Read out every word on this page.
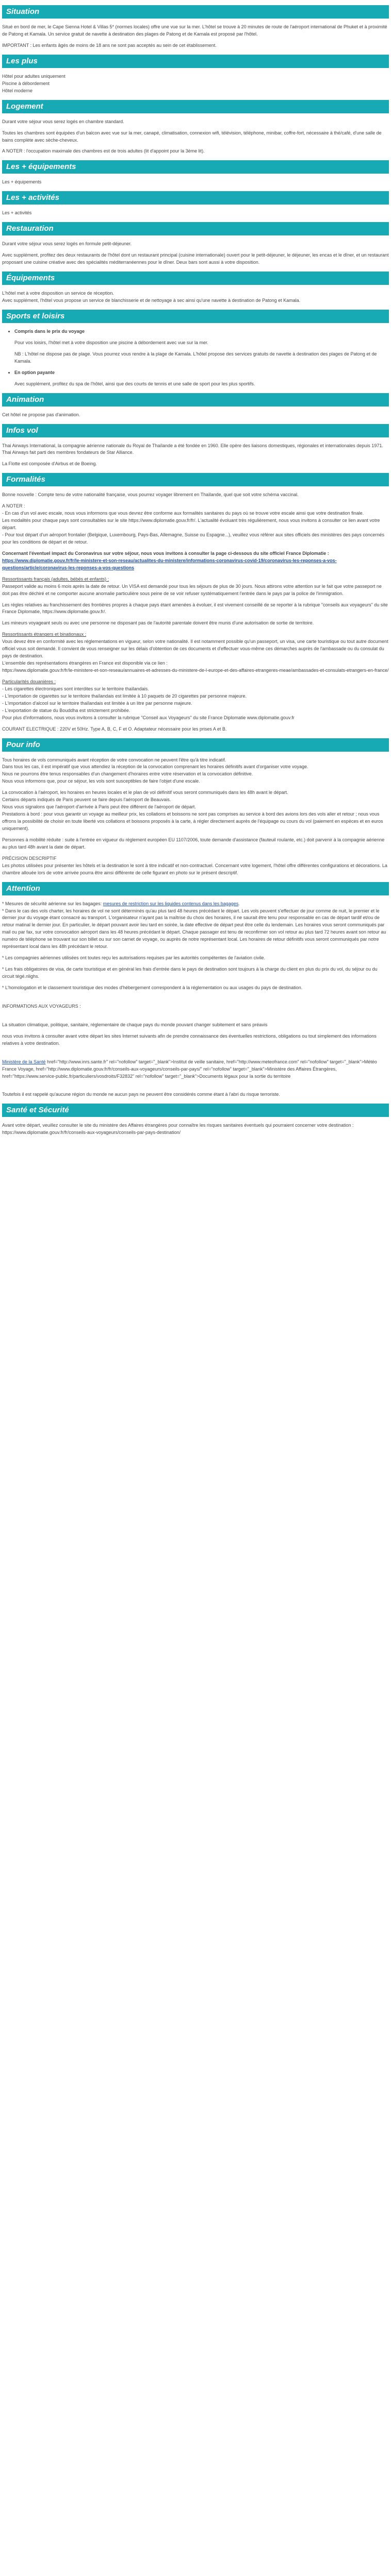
Situation

Situé en bord de mer, le Cape Sienna Hotel & Villas 5* (normes locales) offre une vue sur la mer. L'hôtel se trouve à 20 minutes de route de l'aéroport international de Phuket et à proximité de Patong et Kamala. Un service gratuit de navette à destination des plages de Patong et de Kamala est proposé par l'hôtel.

IMPORTANT : Les enfants âgés de moins de 18 ans ne sont pas acceptés au sein de cet établissement.

Les plus
Hôtel pour adultes uniquement
Piscine à débordement
Hôtel moderne
Logement

Durant votre séjour vous serez logés en chambre standard.

Toutes les chambres sont équipées d'un balcon avec vue sur la mer, canapé, climatisation, connexion wifi, télévision, téléphone, minibar, coffre-fort, nécessaire à thé/café, d'une salle de bains complète avec sèche-cheveux.

A NOTER : l'occupation maximale des chambres est de trois adultes (lit d'appoint pour la 3ème lit).

Les + équipements

Les + équipements

Les + activités

Les + activités

Restauration

Durant votre séjour vous serez logés en formule petit-déjeuner.

Avec supplément, profitez des deux restaurants de l'hôtel dont un restaurant principal (cuisine internationale) ouvert pour le petit-déjeuner, le déjeuner, les encas et le dîner, et un restaurant proposant une cuisine créative avec des spécialités méditerranéennes pour le dîner. Deux bars sont aussi à votre disposition.

Équipements
L'hôtel met à votre disposition un service de réception.

Avec supplément, l'hôtel vous propose un service de blanchisserie et de nettoyage à sec ainsi qu'une navette à destination de Patong et Kamala.

Sports et loisirs
• Compris dans le prix du voyage

Pour vos loisirs, l'hôtel met à votre disposition une piscine à débordement avec vue sur la mer.

NB : L'hôtel ne dispose pas de plage. Vous pourrez vous rendre à la plage de Kamala. L'hôtel propose des services gratuits de navette à destination des plages de Patong et de Kamala.

• En option payante

Avec supplément, profitez du spa de l'hôtel, ainsi que des courts de tennis et une salle de sport pour les plus sportifs.

Animation

Cet hôtel ne propose pas d'animation.

Infos vol

Thai Airways International, la compagnie aérienne nationale du Royal de Thaïlande a été fondée en 1960. Elle opère des liaisons domestiques, régionales et internationales depuis 1971. Thai Airways fait parti des membres fondateurs de Star Alliance.

La Flotte est composée d'Airbus et de Boeing.

Formalités

Bonne nouvelle : Compte tenu de votre nationalité française, vous pourrez voyager librement en Thaïlande, quel que soit votre schéma vaccinal.

A NOTER :
- En cas d'un vol avec escale, nous vous informons que vous devrez être conforme aux formalités sanitaires du pays où se trouve votre escale ainsi que votre destination finale.
Les modalités pour chaque pays sont consultables sur le site https://www.diplomatie.gouv.fr/fr/. L'actualité évoluant très régulièrement, nous vous invitons à consulter ce lien avant votre départ.

- Pour tout départ d'un aéroport frontalier (Belgique, Luxembourg, Pays-Bas, Allemagne, Suisse ou Espagne...), veuillez vous référer aux sites officiels des ministères des pays concernés pour les conditions de départ et de retour.

Concernant l'éventuel impact du Coronavirus sur votre séjour, nous vous invitons à consulter la page ci-dessous du site officiel France Diplomatie : https://www.diplomatie.gouv.fr/fr/le-ministere-et-son-reseau/actualites-du-ministere/informations-coronavirus-covid-19/coronavirus-les-reponses-a-vos-questions/article/coronavirus-les-reponses-a-vos-questions

Ressortissants français (adultes, bébés et enfants) :

Passeport valide au moins 6 mois après la date de retour. Un VISA est demandé pour tous les séjours de plus de 30 jours. Nous attirons votre attention sur le fait que votre passeport ne doit pas être déchiré et ne comporter aucune anomalie particulière sous peine de se voir refuser systématiquement l'entrée dans le pays par la police de l'immigration.

Les règles relatives au franchissement des frontières propres à chaque pays étant amenées à évoluer, il est vivement conseillé de se reporter à la rubrique "conseils aux voyageurs" du site France Diplomatie, https://www.diplomatie.gouv.fr/.

Les mineurs voyageant seuls ou avec une personne ne disposant pas de l'autorité parentale doivent être munis d'une autorisation de sortie de territoire.

Ressortissants étrangers et binationaux :
Vous devez être en conformité avec les réglementations en vigueur, selon votre nationalité. Il est notamment possible qu'un passeport, un visa, une carte touristique ou tout autre document officiel vous soit demandé. Il convient de vous renseigner sur les délais d'obtention de ces documents et d'effectuer vous-même ces démarches auprès de l'ambassade ou du consulat du pays de destination.
L'ensemble des représentations étrangères en France est disponible via ce lien :

https://www.diplomatie.gouv.fr/fr/le-ministere-et-son-reseau/annuaires-et-adresses-du-ministere-de-l-europe-et-des-affaires-etrangeres-meae/ambassades-et-consulats-etrangers-en-france/

Particularités douanières :
- Les cigarettes électroniques sont interdites sur le territoire thaïlandais.
- L'importation de cigarettes sur le territoire thaïlandais est limitée à 10 paquets de 20 cigarettes par personne majeure.
- L'importation d'alcool sur le territoire thaïlandais est limitée à un litre par personne majeure.
- L'exportation de statue du Bouddha est strictement prohibée.

Pour plus d'informations, nous vous invitons à consulter la rubrique "Conseil aux Voyageurs" du site France Diplomatie www.diplomatie.gouv.fr

COURANT ELECTRIQUE : 220V et 50Hz. Type A, B, C, F et O. Adaptateur nécessaire pour les prises A et B.

Pour info
Tous horaires de vols communiqués avant réception de votre convocation ne peuvent l'être qu'à titre indicatif.
Dans tous les cas, il est impératif que vous attendiez la réception de la convocation comprenant les horaires définitifs avant d'organiser votre voyage.
Nous ne pourrons être tenus responsables d'un changement d'horaires entre votre réservation et la convocation définitive.

Nous vous informons que, pour ce séjour, les vols sont susceptibles de faire l'objet d'une escale.

La convocation à l'aéroport, les horaires en heures locales et le plan de vol définitif vous seront communiqués dans les 48h avant le départ.
Certains départs indiqués de Paris peuvent se faire depuis l'aéroport de Beauvais.
Nous vous signalons que l'aéroport d'arrivée à Paris peut être différent de l'aéroport de départ.

Prestations à bord : pour vous garantir un voyage au meilleur prix, les collations et boissons ne sont pas comprises au service à bord des avions lors des vols aller et retour ; nous vous offrons la possibilité de choisir en toute liberté vos collations et boissons proposés à la carte, à régler directement auprès de l'équipage ou cours du vol (paiement en espèces et en euros uniquement).

Personnes à mobilité réduite : suite à l'entrée en vigueur du règlement européen EU 1107/2006, toute demande d'assistance (fauteuil roulante, etc.) doit parvenir à la compagnie aérienne au plus tard 48h avant la date de départ.

PRÉCISION DESCRIPTIF

Les photos utilisées pour présenter les hôtels et la destination le sont à titre indicatif et non-contractuel. Concernant votre logement, l'hôtel offre différentes configurations et décorations. La chambre allouée lors de votre arrivée pourra être ainsi différente de celle figurant en photo sur le présent descriptif.

Attention
* Mesures de sécurité aérienne sur les bagages: mesures de restriction sur les liquides contenus dans les bagages.

* Dans le cas des vols charter, les horaires de vol ne sont déterminés qu'au plus tard 48 heures précédant le départ. Les vols peuvent s'effectuer de jour comme de nuit, le premier et le dernier jour du voyage étant consacré au transport. L'organisateur n'ayant pas la maîtrise du choix des horaires, il ne saurait être tenu pour responsable en cas de départ tardif et/ou de retour matinal le dernier jour. En particulier, le départ pouvant avoir lieu tard en soirée, la date effective de départ peut être celle du lendemain. Les horaires vous seront communiqués par mail ou par fax, sur votre convocation aéroport dans les 48 heures précédant le départ. Chaque passager est tenu de reconfirmer son vol retour au plus tard 72 heures avant son retour au numéro de téléphone se trouvant sur son billet ou sur son carnet de voyage, ou auprès de notre représentant local. Les horaires de retour définitifs vous seront communiqués par notre représentant local dans les 48h précédant le retour.

* Les compagnies aériennes utilisées ont toutes reçu les autorisations requises par les autorités compétentes de l'aviation civile.

* Les frais obligatoires de visa, de carte touristique et en général les frais d'entrée dans le pays de destination sont toujours à la charge du client en plus du prix du vol, du séjour ou du circuit tégé.nlighs.

* L'homologation et le classement touristique des modes d'hébergement correspondent à la réglementation ou aux usages du pays de destination.

INFORMATIONS AUX VOYAGEURS :

La situation climatique, politique, sanitaire, réglementaire de chaque pays du monde pouvant changer subitement et sans préavis

nous vous invitons à consulter avant votre départ les sites Internet suivants afin de prendre connaissance des éventuelles restrictions, obligations ou tout simplement des informations relatives à votre destination.

Ministère de la Santé href="http://www.inrs.sante.fr" rel="nofollow" target="_blank">Institut de veille sanitaire, href="http://www.meteofrance.com" rel="nofollow" target="_blank">Météo France Voyage, href="http://www.diplomatie.gouv.fr/fr/conseils-aux-voyageurs/conseils-par-pays/" rel="nofollow" target="_blank">Ministère des Affaires Étrangères, href="https://www.service-public.fr/particuliers/vosdroits/F32832" rel="nofollow" target="_blank">Documents légaux pour la sortie du territoire

Toutefois il est rappelé qu'aucune région du monde ne aucun pays ne peuvent être considérés comme étant à l'abri du risque terroriste.

Santé et Sécurité

Avant votre départ, veuillez consulter le site du ministère des Affaires étrangères pour connaître les risques sanitaires éventuels qui pourraient concerner votre destination : https://www.diplomatie.gouv.fr/fr/conseils-aux-voyageurs/conseils-par-pays-destination/
